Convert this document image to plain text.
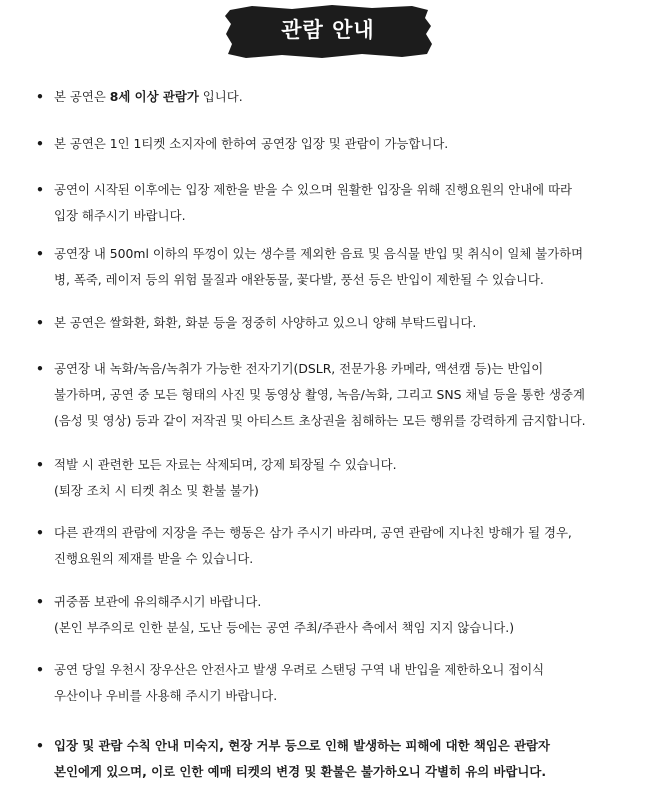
관람 안내
• 본 공연은 8세 이상 관람가 입니다.
• 본 공연은 1인 1티켓 소지자에 한하여 공연장 입장 및 관람이 가능합니다.
• 공연이 시작된 이후에는 입장 제한을 받을 수 있으며 원활한 입장을 위해 진행요원의 안내에 따라
입장 해주시기 바랍니다.
• 공연장 내 500ml 이하의 뚜껑이 있는 생수를 제외한 음료 및 음식물 반입 및 취식이 일체 불가하며
병, 폭죽, 레이저 등의 위험 물질과 애완동물, 꽃다발, 풍선 등은 반입이 제한될 수 있습니다.
• 본 공연은 쌀화환, 화환, 화분 등을 정중히 사양하고 있으니 양해 부탁드립니다.
• 공연장 내 녹화/녹음/녹취가 가능한 전자기기(DSLR, 전문가용 카메라, 액션캠 등)는 반입이
불가하며, 공연 중 모든 형태의 사진 및 동영상 촬영, 녹음/녹화, 그리고 SNS 채널 등을 통한 생중계
(음성 및 영상) 등과 같이 저작권 및 아티스트 초상권을 침해하는 모든 행위를 강력하게 금지합니다.
• 적발 시 관련한 모든 자료는 삭제되며, 강제 퇴장될 수 있습니다.
(퇴장 조치 시 티켓 취소 및 환불 불가)
• 다른 관객의 관람에 지장을 주는 행동은 삼가 주시기 바라며, 공연 관람에 지나친 방해가 될 경우,
진행요원의 제재를 받을 수 있습니다.
• 귀중품 보관에 유의해주시기 바랍니다.
(본인 부주의로 인한 분실, 도난 등에는 공연 주최/주관사 측에서 책임 지지 않습니다.)
• 공연 당일 우천시 장우산은 안전사고 발생 우려로 스탠딩 구역 내 반입을 제한하오니 접이식
우산이나 우비를 사용해 주시기 바랍니다.
• 입장 및 관람 수칙 안내 미숙지, 현장 거부 등으로 인해 발생하는 피해에 대한 책임은 관람자
본인에게 있으며, 이로 인한 예매 티켓의 변경 및 환불은 불가하오니 각별히 유의 바랍니다.
